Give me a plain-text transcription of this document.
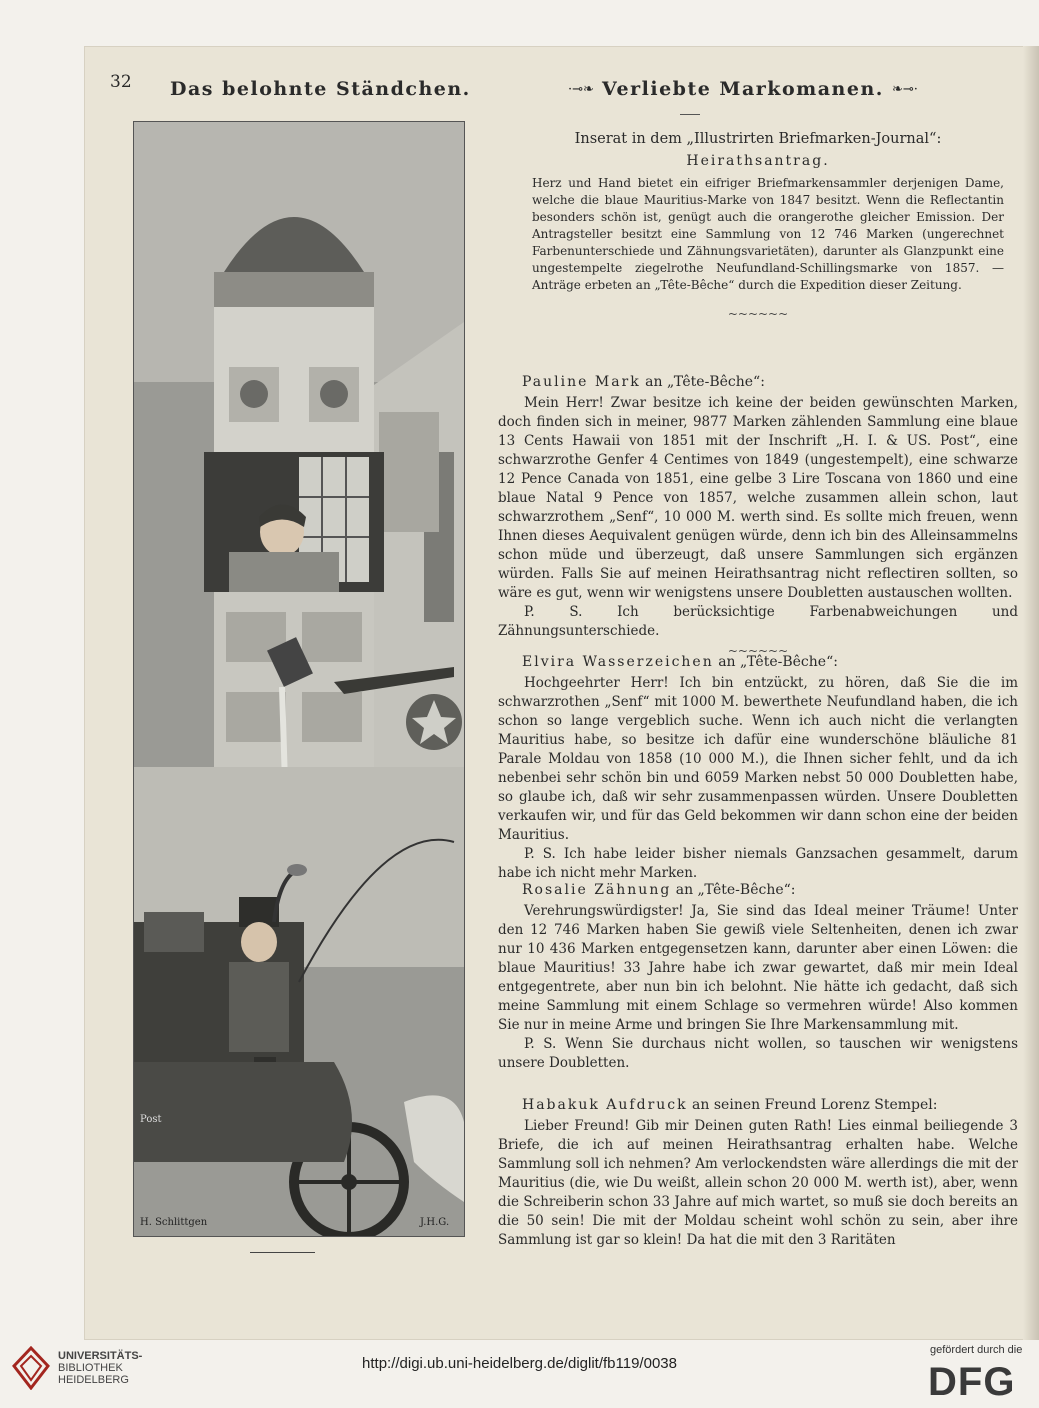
32 Das belohnte Ständchen.	·⊸❧ Verliebte Markomanen. ❧⊸·
Post
H. Schlittgen	J.H.G.
Inserat in dem „Illustrirten Briefmarken-Journal“:
Heirathsantrag.
Herz und Hand bietet ein eifriger Briefmarkensammler derjenigen Dame, welche die blaue Mauritius-Marke von 1847 besitzt. Wenn die Reflectantin besonders schön ist, genügt auch die orangerothe gleicher Emission. Der Antragsteller besitzt eine Sammlung von 12 746 Marken (ungerechnet Farbenunterschiede und Zähnungsvarietäten), darunter als Glanzpunkt eine ungestempelte ziegelrothe Neufundland-Schillingsmarke von 1857. — Anträge erbeten an „Tête-Bêche“ durch die Expedition dieser Zeitung.
~~~~~~
Pauline Mark an „Tête-Bêche“:
Mein Herr! Zwar besitze ich keine der beiden gewünschten Marken, doch finden sich in meiner, 9877 Marken zählenden Sammlung eine blaue 13 Cents Hawaii von 1851 mit der Inschrift „H. I. & US. Post“, eine schwarzrothe Genfer 4 Centimes von 1849 (ungestempelt), eine schwarze 12 Pence Canada von 1851, eine gelbe 3 Lire Toscana von 1860 und eine blaue Natal 9 Pence von 1857, welche zusammen allein schon, laut schwarzrothem „Senf“, 10 000 M. werth sind. Es sollte mich freuen, wenn Ihnen dieses Aequivalent genügen würde, denn ich bin des Alleinsammelns schon müde und überzeugt, daß unsere Sammlungen sich ergänzen würden. Falls Sie auf meinen Heirathsantrag nicht reflectiren sollten, so wäre es gut, wenn wir wenigstens unsere Doubletten austauschen wollten.
P. S. Ich berücksichtige Farbenabweichungen und Zähnungsunterschiede.
~~~~~~
Elvira Wasserzeichen an „Tête-Bêche“:
Hochgeehrter Herr! Ich bin entzückt, zu hören, daß Sie die im schwarzrothen „Senf“ mit 1000 M. bewerthete Neufundland haben, die ich schon so lange vergeblich suche. Wenn ich auch nicht die verlangten Mauritius habe, so besitze ich dafür eine wunderschöne bläuliche 81 Parale Moldau von 1858 (10 000 M.), die Ihnen sicher fehlt, und da ich nebenbei sehr schön bin und 6059 Marken nebst 50 000 Doubletten habe, so glaube ich, daß wir sehr zusammenpassen würden. Unsere Doubletten verkaufen wir, und für das Geld bekommen wir dann schon eine der beiden Mauritius.
P. S. Ich habe leider bisher niemals Ganzsachen gesammelt, darum habe ich nicht mehr Marken.
Rosalie Zähnung an „Tête-Bêche“:
Verehrungswürdigster! Ja, Sie sind das Ideal meiner Träume! Unter den 12 746 Marken haben Sie gewiß viele Seltenheiten, denen ich zwar nur 10 436 Marken entgegensetzen kann, darunter aber einen Löwen: die blaue Mauritius! 33 Jahre habe ich zwar gewartet, daß mir mein Ideal entgegentrete, aber nun bin ich belohnt. Nie hätte ich gedacht, daß sich meine Sammlung mit einem Schlage so vermehren würde! Also kommen Sie nur in meine Arme und bringen Sie Ihre Markensammlung mit.
P. S. Wenn Sie durchaus nicht wollen, so tauschen wir wenigstens unsere Doubletten.
Habakuk Aufdruck an seinen Freund Lorenz Stempel:
Lieber Freund! Gib mir Deinen guten Rath! Lies einmal beiliegende 3 Briefe, die ich auf meinen Heirathsantrag erhalten habe. Welche Sammlung soll ich nehmen? Am verlockendsten wäre allerdings die mit der Mauritius (die, wie Du weißt, allein schon 20 000 M. werth ist), aber, wenn die Schreiberin schon 33 Jahre auf mich wartet, so muß sie doch bereits an die 50 sein! Die mit der Moldau scheint wohl schön zu sein, aber ihre Sammlung ist gar so klein! Da hat die mit den 3 Raritäten
UNIVERSITÄTS-
BIBLIOTHEK
HEIDELBERG
http://digi.ub.uni-heidelberg.de/diglit/fb119/0038
gefördert durch die
DFG
